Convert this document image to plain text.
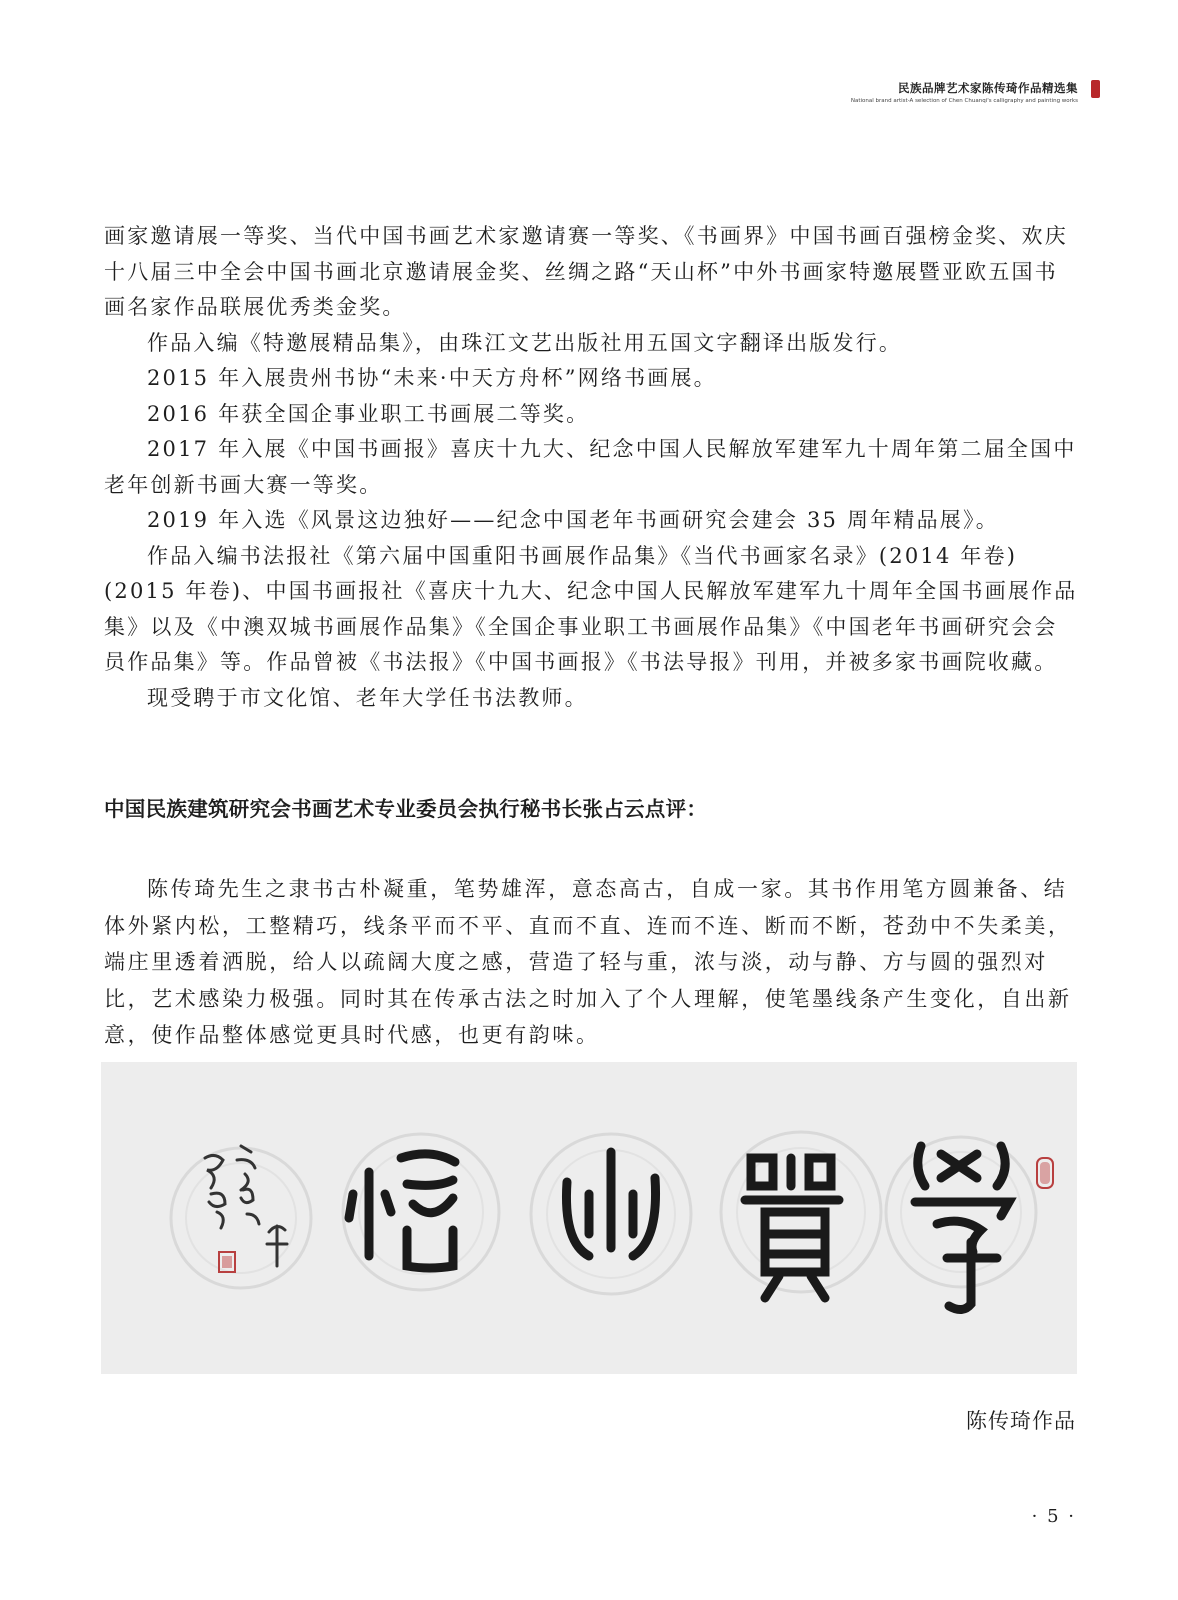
民族品牌艺术家陈传琦作品精选集
National brand artist-A selection of Chen Chuanqi's calligraphy and painting works

画家邀请展一等奖、当代中国书画艺术家邀请赛一等奖、《书画界》中国书画百强榜金奖、欢庆十八届三中全会中国书画北京邀请展金奖、丝绸之路“天山杯”中外书画家特邀展暨亚欧五国书画名家作品联展优秀类金奖。

作品入编《特邀展精品集》，由珠江文艺出版社用五国文字翻译出版发行。

2015 年入展贵州书协“未来·中天方舟杯”网络书画展。

2016 年获全国企事业职工书画展二等奖。

2017 年入展《中国书画报》喜庆十九大、纪念中国人民解放军建军九十周年第二届全国中老年创新书画大赛一等奖。

2019 年入选《风景这边独好——纪念中国老年书画研究会建会 35 周年精品展》。

作品入编书法报社《第六届中国重阳书画展作品集》《当代书画家名录》(2014 年卷)(2015 年卷)、中国书画报社《喜庆十九大、纪念中国人民解放军建军九十周年全国书画展作品集》以及《中澳双城书画展作品集》《全国企事业职工书画展作品集》《中国老年书画研究会会员作品集》等。作品曾被《书法报》《中国书画报》《书法导报》刊用，并被多家书画院收藏。

现受聘于市文化馆、老年大学任书法教师。

中国民族建筑研究会书画艺术专业委员会执行秘书长张占云点评：

陈传琦先生之隶书古朴凝重，笔势雄浑，意态高古，自成一家。其书作用笔方圆兼备、结体外紧内松，工整精巧，线条平而不平、直而不直、连而不连、断而不断，苍劲中不失柔美，端庄里透着洒脱，给人以疏阔大度之感，营造了轻与重，浓与淡，动与静、方与圆的强烈对比，艺术感染力极强。同时其在传承古法之时加入了个人理解，使笔墨线条产生变化，自出新意，使作品整体感觉更具时代感，也更有韵味。

陈传琦作品
· 5 ·
